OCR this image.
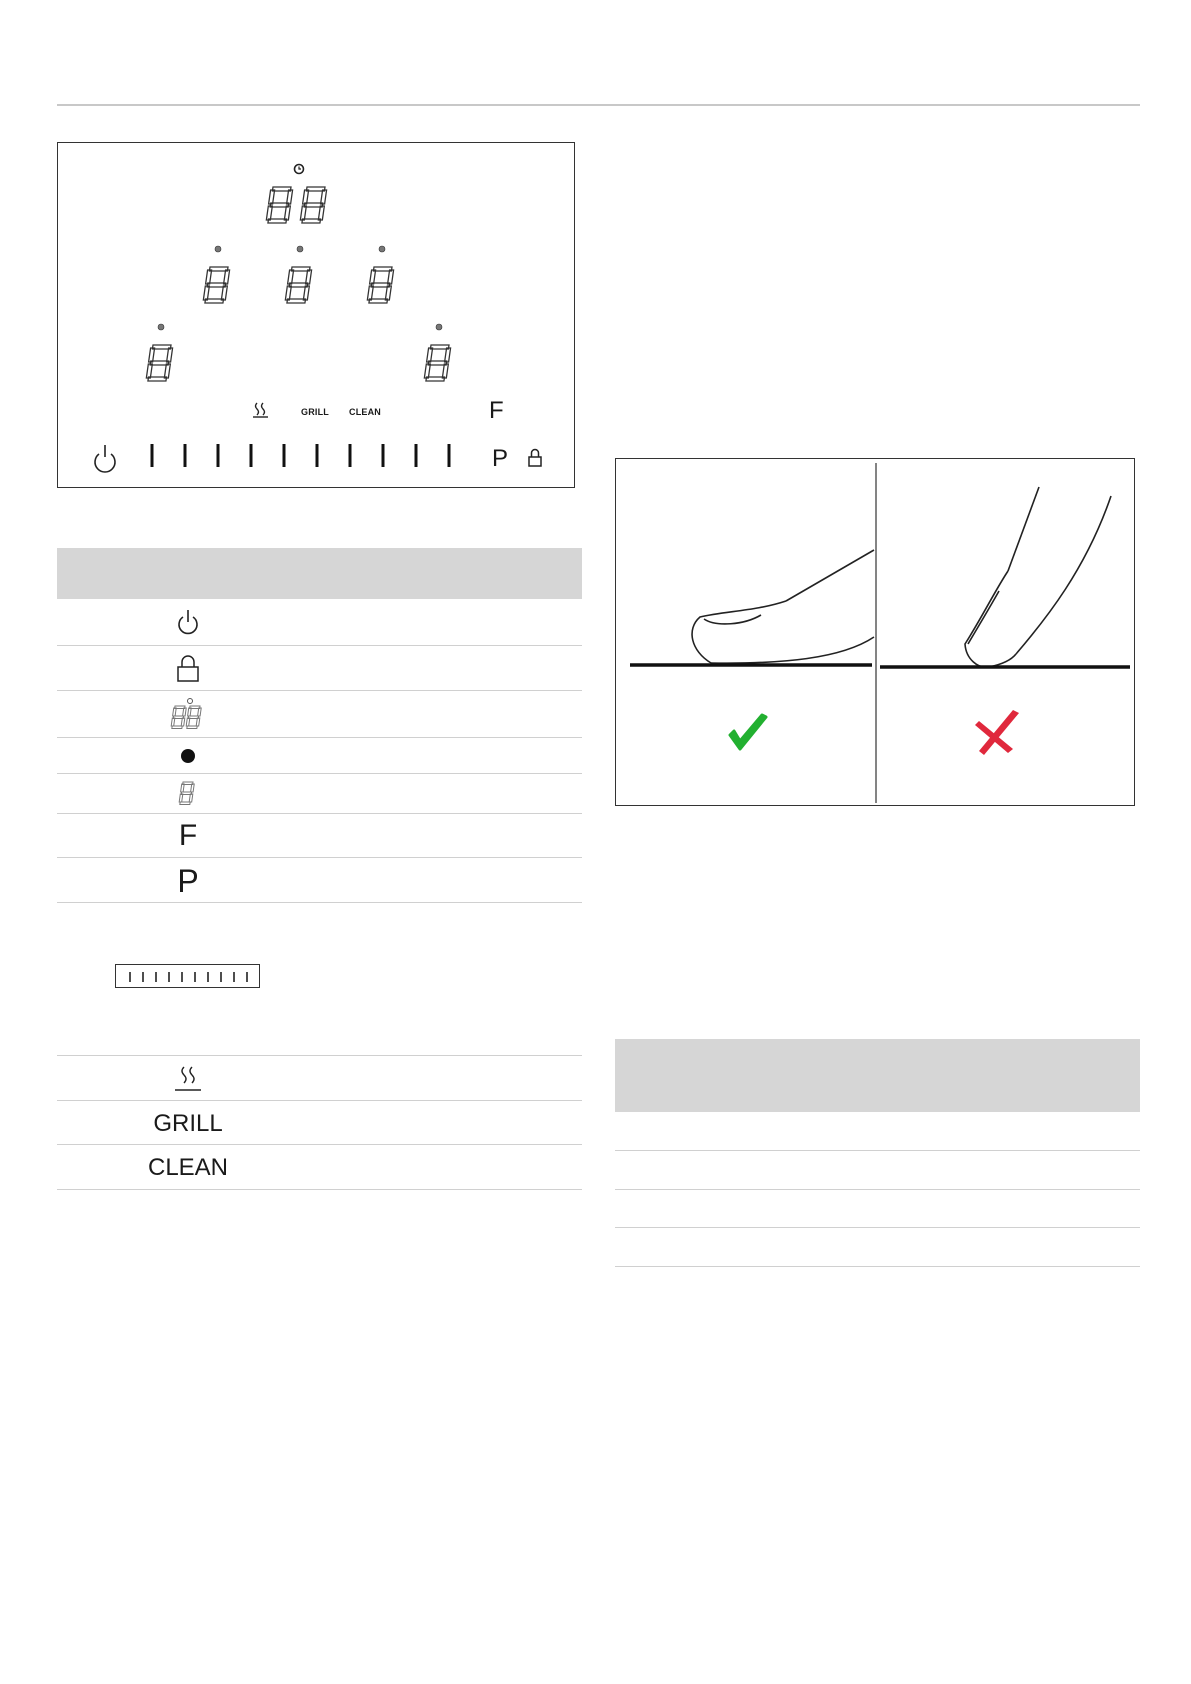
GRILL CLEAN	F
P
F
P
GRILL
CLEAN
